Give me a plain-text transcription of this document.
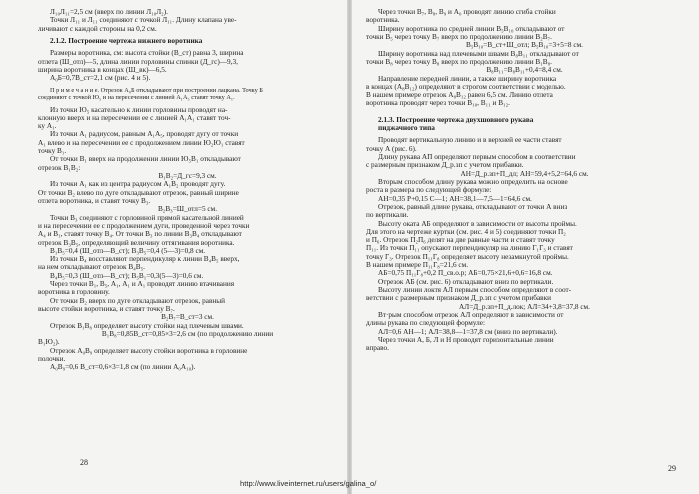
Л₁₀Л₁₁=2,5 см (вверх по линии Л₁₀Л₂).
Точки Л₁₁ и Л₁₁ соединяют с точкой Л₁₁. Длину клапана уве-
личивают с каждой стороны на 0,2 см.
2.1.2. Построение чертежа нижнего воротника
Размеры воротника, см: высота стойки (В_ст) равна 3, ширина
отлета (Ш_отл)—5, длина линии горловины спинки (Д_гс)—9,3,
ширина воротника в концах (Ш_вк)—6,5.
А₀Б=0,7В_ст=2,1 см (рис. 4 и 5).
П р и м е ч а н и е. Отрезок А₀Б откладывают при построении лацкана. Точку Б
соединяют с точкой Ю₅ и на пересечении с линией А₁А₅ ставят точку А₁.
Из точки Ю₅ касательно к линии горловины проводят на-
клонную вверх и на пересечении ее с линией А₁А₁ ставят точ-
ку А₁.
Из точки А₁ радиусом, равным А₁А₅, проводят дугу от точки
А₁ влево и на пересечении ее с продолжением линии Ю₂Ю₁ ставят
точку В₁.
От точки В₁ вверх на продолжении линии Ю₅В₁ откладывают
отрезок В₁В₂:
В₁В₂=Д_гс=9,3 см.
Из точки А₁ как из центра радиусом А₁В₂ проводят дугу.
От точки В₂ влево по дуге откладывают отрезок, равный ширине
отлета воротника, и ставят точку В₃.
В₂В₃=Ш_отл=5 см.
Точки В₃ соединяют с горловиной прямой касательной линией
и на пересечении ее с продолжением дуги, проведенной через точки
А₄ и В₁, ставят точку В₄. От точки В₃ по линии В₃В₄ откладывают
отрезок В₃В₅, определяющий величину оттягивания воротника.
В₁В₅=0,4 (Ш_отл—В_ст); В₃В₅=0,4 (5—3)=0,8 см.
Из точки В₄ восставляют перпендикуляр к линии В₄В₅ вверх,
на нем откладывают отрезок В₄В₅.
В₄В₅=0,3 (Ш_отл—В_ст); В₅В₁=0,3(5—3)=0,6 см.
Через точки В₁, В₅, А₁, А₁ и А₁ проводят линию втачивания
воротника в горловину.
От точки В₂ вверх по дуге откладывают отрезок, равный
высоте стойки воротника, и ставят точку В₇.
В₂В₇=В_ст=3 см.
Отрезок В₁В₈ определяет высоту стойки над плечевым швами.
В₁В₈=0,85В_ст=0,85×3=2,6 см (по продолжению линии
В₁Ю₂).
Отрезок А₀В₉ определяет высоту стойки воротника в горловине
полочки.
А₀В₉=0,6 В_ст=0,6×3=1,8 см (по линии А₀А₁₀).
Через точки В₇, В₈, В₉ и А₀ проводят линию сгиба стойки
воротника.
Ширину воротника по средней линии В₅В₁₀ откладывают от
точки В₅ через точку В₇ вверх по продолжению линии В₂В₇.
В₅В₁₀=В_ст+Ш_отл; В₅В₁₀=3+5=8 см.
Ширину воротника над плечевыми швами В₈В₁₁ откладывают от
точки В₈ через точку В₈ вверх по продолжению линии В₁В₈.
В₈В₁₁=В₈В₁₁+0,4=8,4 см.
Направление передней линии, а также ширину воротника
в концах (А₈В₁₂) определяют в строгом соответствии с моделью.
В нашем примере отрезок А₈В₁₂ равен 6,5 см. Линию отлета
воротника проводят через точки В₁₀, В₁₁ и В₁₂.
2.1.3. Построение чертежа двухшовного рукава
пиджачного типа
Проводят вертикальную линию и в верхней ее части ставят
точку А (рис. 6).
Длину рукава АП определяют первым способом в соответствии
с размерным признаком Д_р.зп с учетом прибавки.
АН=Д_р.зп+П_дл; АН=59,4+5,2=64,6 см.
Вторым способом длину рукава можно определить на основе
роста в размера по следующей формуле:
АН=0,35 Р+0,15 С—1; АН=38,1—7,5—1=64,6 см.
Отрезок, равный длине рукава, откладывают от точки А вниз
по вертикали.
Высоту оката АБ определяют в зависимости от высоты проймы.
Для этого на чертеже куртки (см. рис. 4 и 5) соединяют точки П₂
и П₆. Отрезок П₂П₆ делят на две равные части и ставят точку
П₁₁. Из точки П₁₁ опускают перпендикуляр на линию Г₁Г₃ и ставят
точку Г₃. Отрезок П₁₁Г₈ определяет высоту незамкнутой проймы.
В нашем примере П₁₁Г₈=21,6 см.
АБ=0,75 П₁₁Г₈+0,2 П_св.о.р; АБ=0,75×21,6+0,6=16,8 см.
Отрезок АБ (см. рис. 6) откладывают вниз по вертикали.
Высоту линии локтя АЛ первым способом определяют в соот-
ветствии с размерным признаком Д_р.зп с учетом прибавки
АЛ=Д_р.зп+П_д.лок; АЛ=34+3,8=37,8 см.
Вт·рым способом отрезок АЛ определяют в зависимости от
длины рукава по следующей формуле:
АЛ=0,6 АН—1; АЛ=38,8—1=37,8 см (вниз по вертикали).
Через точки А, Б, Л и Н проводят горизонтальные линии
вправо.
28
29
http://www.liveinternet.ru/users/galina_o/
